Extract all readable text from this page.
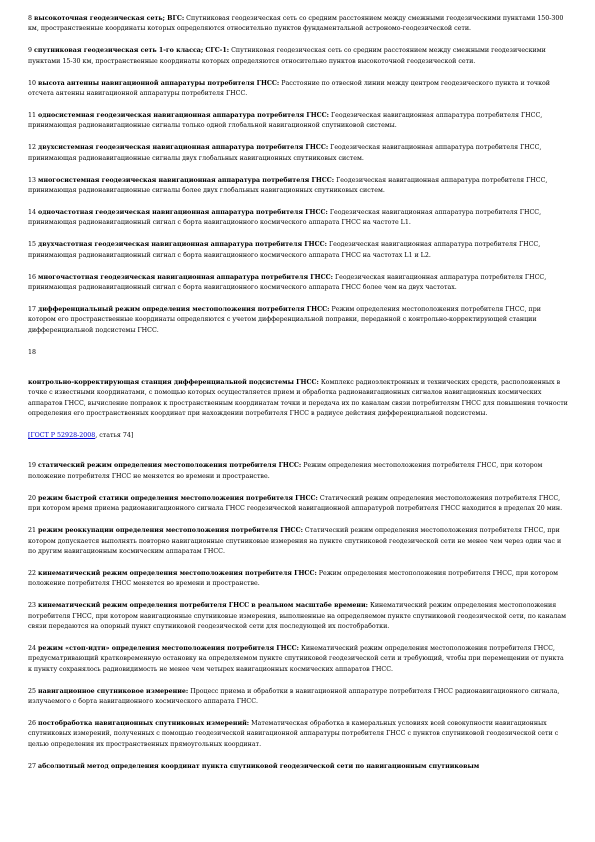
8 высокоточная геодезическая сеть; ВГС: Спутниковая геодезическая сеть со средним расстоянием между смежными геодезическими пунктами 150-300 км, пространственные координаты которых определяются относительно пунктов фундаментальной астрономо-геодезической сети.

9 спутниковая геодезическая сеть 1-го класса; СГС-1: Спутниковая геодезическая сеть со средним расстоянием между смежными геодезическими пунктами 15-30 км, пространственные координаты которых определяются относительно пунктов высокоточной геодезической сети.

10 высота антенны навигационной аппаратуры потребителя ГНСС: Расстояние по отвесной линии между центром геодезического пункта и точкой отсчета антенны навигационной аппаратуры потребителя ГНСС.

11 односистемная геодезическая навигационная аппаратура потребителя ГНСС: Геодезическая навигационная аппаратура потребителя ГНСС, принимающая радионавигационные сигналы только одной глобальной навигационной спутниковой системы.

12 двухсистемная геодезическая навигационная аппаратура потребителя ГНСС: Геодезическая навигационная аппаратура потребителя ГНСС, принимающая радионавигационные сигналы двух глобальных навигационных спутниковых систем.

13 многосистемная геодезическая навигационная аппаратура потребителя ГНСС: Геодезическая навигационная аппаратура потребителя ГНСС, принимающая радионавигационные сигналы более двух глобальных навигационных спутниковых систем.

14 одночастотная геодезическая навигационная аппаратура потребителя ГНСС: Геодезическая навигационная аппаратура потребителя ГНСС, принимающая радионавигационный сигнал с борта навигационного космического аппарата ГНСС на частоте L1.

15 двухчастотная геодезическая навигационная аппаратура потребителя ГНСС: Геодезическая навигационная аппаратура потребителя ГНСС, принимающая радионавигационный сигнал с борта навигационного космического аппарата ГНСС на частотах L1 и L2.

16 многочастотная геодезическая навигационная аппаратура потребителя ГНСС: Геодезическая навигационная аппаратура потребителя ГНСС, принимающая радионавигационный сигнал с борта навигационного космического аппарата ГНСС более чем на двух частотах.

17 дифференциальный режим определения местоположения потребителя ГНСС: Режим определения местоположения потребителя ГНСС, при котором его пространственные координаты определяются с учетом дифференциальной поправки, переданной с контрольно-корректирующей станции дифференциальной подсистемы ГНСС.

18

контрольно-корректирующая станция дифференциальной подсистемы ГНСС: Комплекс радиоэлектронных и технических средств, расположенных в точке с известными координатами, с помощью которых осуществляется прием и обработка радионавигационных сигналов навигационных космических аппаратов ГНСС, вычисление поправок к пространственным координатам точки и передача их по каналам связи потребителям ГНСС для повышения точности определения его пространственных координат при нахождении потребителя ГНСС в радиусе действия дифференциальной подсистемы.

[ГОСТ Р 52928-2008, статья 74]

19 статический режим определения местоположения потребителя ГНСС: Режим определения местоположения потребителя ГНСС, при котором положение потребителя ГНСС не меняется во времени и пространстве.

20 режим быстрой статики определения местоположения потребителя ГНСС: Статический режим определения местоположения потребителя ГНСС, при котором время приема радионавигационного сигнала ГНСС геодезической навигационной аппаратурой потребителя ГНСС находится в пределах 20 мин.

21 режим реоккупации определения местоположения потребителя ГНСС: Статический режим определения местоположения потребителя ГНСС, при котором допускается выполнять повторно навигационные спутниковые измерения на пункте спутниковой геодезической сети не менее чем через один час и по другим навигационным космическим аппаратам ГНСС.

22 кинематический режим определения местоположения потребителя ГНСС: Режим определения местоположения потребителя ГНСС, при котором положение потребителя ГНСС меняется во времени и пространстве.

23 кинематический режим определения потребителя ГНСС в реальном масштабе времени: Кинематический режим определения местоположения потребителя ГНСС, при котором навигационные спутниковые измерения, выполненные на определяемом пункте спутниковой геодезической сети, по каналам связи передаются на опорный пункт спутниковой геодезической сети для последующей их постобработки.

24 режим «стоп-идти» определения местоположения потребителя ГНСС: Кинематический режим определения местоположения потребителя ГНСС, предусматривающий кратковременную остановку на определяемом пункте спутниковой геодезической сети и требующий, чтобы при перемещении от пункта к пункту сохранялось радиовидимость не менее чем четырех навигационных космических аппаратов ГНСС.

25 навигационное спутниковое измерение: Процесс приема и обработки в навигационной аппаратуре потребителя ГНСС радионавигационного сигнала, излучаемого с борта навигационного космического аппарата ГНСС.

26 постобработка навигационных спутниковых измерений: Математическая обработка в камеральных условиях всей совокупности навигационных спутниковых измерений, полученных с помощью геодезической навигационной аппаратуры потребителя ГНСС с пунктов спутниковой геодезической сети с целью определения их пространственных прямоугольных координат.

27 абсолютный метод определения координат пункта спутниковой геодезической сети по навигационным спутниковым
